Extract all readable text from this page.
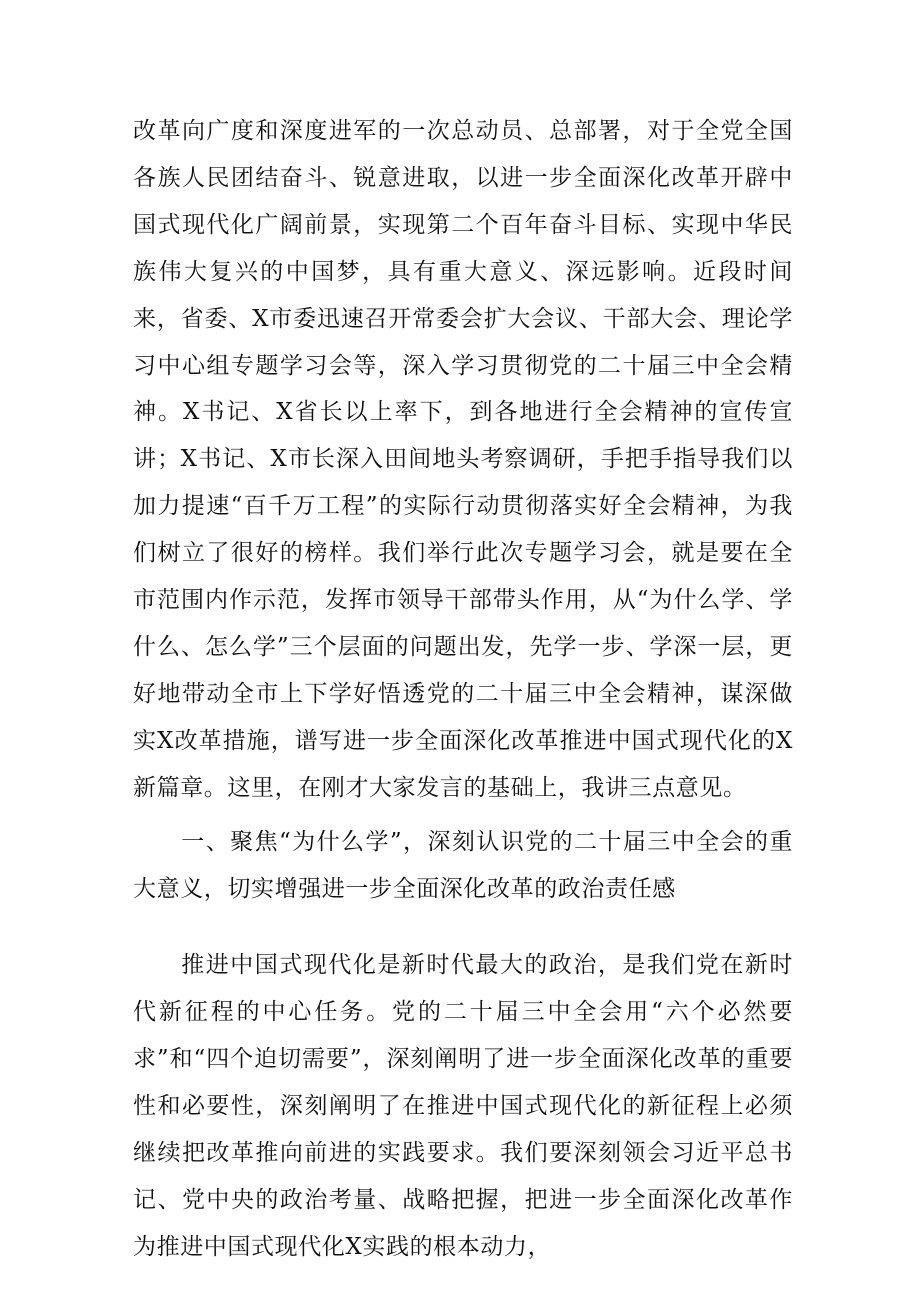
改革向广度和深度进军的一次总动员、总部署，对于全党全国各族人民团结奋斗、锐意进取，以进一步全面深化改革开辟中国式现代化广阔前景，实现第二个百年奋斗目标、实现中华民族伟大复兴的中国梦，具有重大意义、深远影响。近段时间来，省委、X市委迅速召开常委会扩大会议、干部大会、理论学习中心组专题学习会等，深入学习贯彻党的二十届三中全会精神。X书记、X省长以上率下，到各地进行全会精神的宣传宣讲；X书记、X市长深入田间地头考察调研，手把手指导我们以加力提速“百千万工程”的实际行动贯彻落实好全会精神，为我们树立了很好的榜样。我们举行此次专题学习会，就是要在全市范围内作示范，发挥市领导干部带头作用，从“为什么学、学什么、怎么学”三个层面的问题出发，先学一步、学深一层，更好地带动全市上下学好悟透党的二十届三中全会精神，谋深做实X改革措施，谱写进一步全面深化改革推进中国式现代化的X新篇章。这里，在刚才大家发言的基础上，我讲三点意见。

一、聚焦“为什么学”，深刻认识党的二十届三中全会的重大意义，切实增强进一步全面深化改革的政治责任感

推进中国式现代化是新时代最大的政治，是我们党在新时代新征程的中心任务。党的二十届三中全会用“六个必然要求”和“四个迫切需要”，深刻阐明了进一步全面深化改革的重要性和必要性，深刻阐明了在推进中国式现代化的新征程上必须继续把改革推向前进的实践要求。我们要深刻领会习近平总书记、党中央的政治考量、战略把握，把进一步全面深化改革作为推进中国式现代化X实践的根本动力，
